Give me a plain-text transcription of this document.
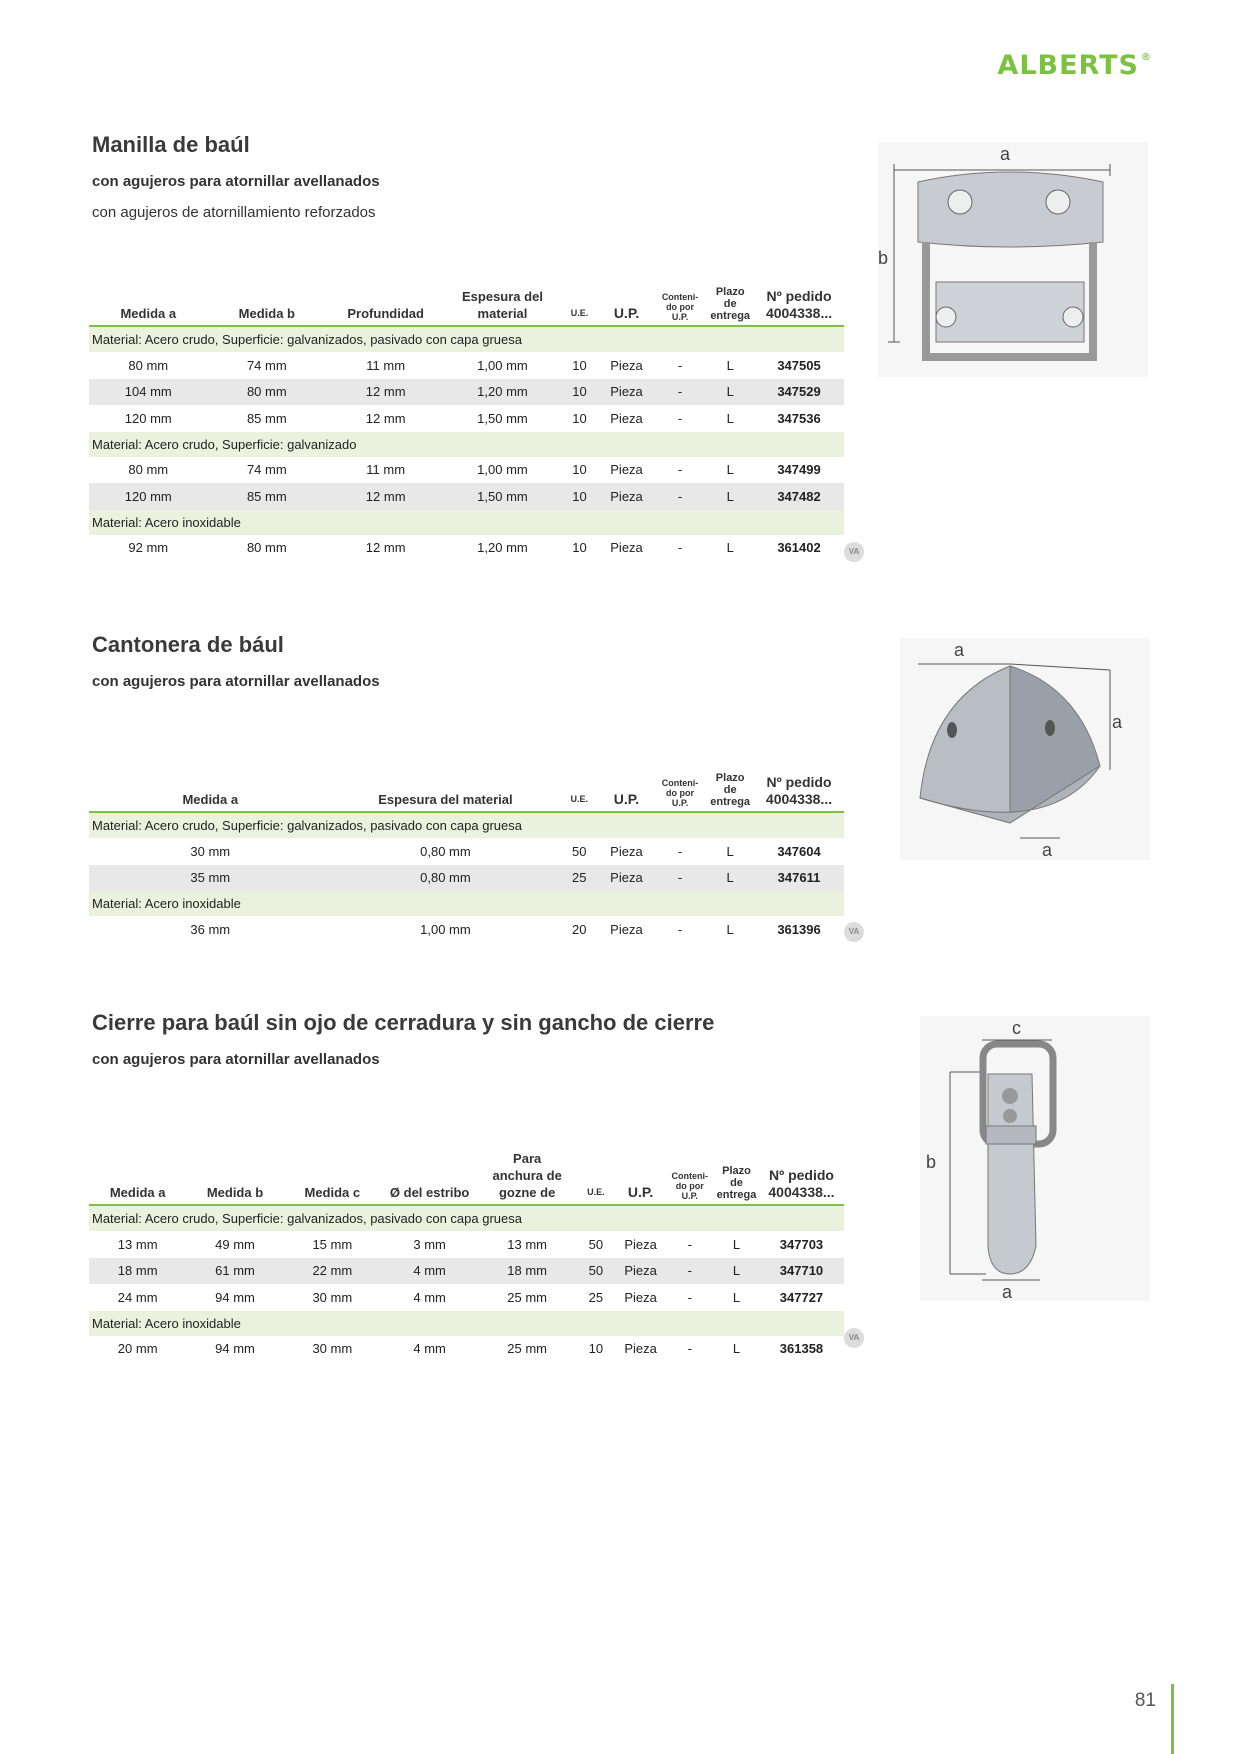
ALBERTS ®
Manilla de baúl

con agujeros para atornillar avellanados

con agujeros de atornillamiento reforzados

Medida a	Medida b	Profundidad	Espesura del material	U.E.	U.P.	Conteni-do por U.P.	Plazo de entrega	Nº pedido 4004338...
Material: Acero crudo, Superficie: galvanizados, pasivado con capa gruesa								
80 mm	74 mm	11 mm	1,00 mm	10	Pieza	-	L	347505
104 mm	80 mm	12 mm	1,20 mm	10	Pieza	-	L	347529
120 mm	85 mm	12 mm	1,50 mm	10	Pieza	-	L	347536
Material: Acero crudo, Superficie: galvanizado								
80 mm	74 mm	11 mm	1,00 mm	10	Pieza	-	L	347499
120 mm	85 mm	12 mm	1,50 mm	10	Pieza	-	L	347482
Material: Acero inoxidable								
92 mm	80 mm	12 mm	1,20 mm	10	Pieza	-	L	361402	VA
a
b
Cantonera de bául

con agujeros para atornillar avellanados

Medida a	Espesura del material	U.E.	U.P.	Conteni-do por U.P.	Plazo de entrega	Nº pedido 4004338...
Material: Acero crudo, Superficie: galvanizados, pasivado con capa gruesa						
30 mm	0,80 mm	50	Pieza	-	L	347604
35 mm	0,80 mm	25	Pieza	-	L	347611
Material: Acero inoxidable						
36 mm	1,00 mm	20	Pieza	-	L	361396	VA
a
a
a
Cierre para baúl sin ojo de cerradura y sin gancho de cierre

con agujeros para atornillar avellanados

Medida a	Medida b	Medida c	Ø del estribo	Para anchura de gozne de	U.E.	U.P.	Conteni-do por U.P.	Plazo de entrega	Nº pedido 4004338...
Material: Acero crudo, Superficie: galvanizados, pasivado con capa gruesa									
13 mm	49 mm	15 mm	3 mm	13 mm	50	Pieza	-	L	347703
18 mm	61 mm	22 mm	4 mm	18 mm	50	Pieza	-	L	347710
24 mm	94 mm	30 mm	4 mm	25 mm	25	Pieza	-	L	347727
Material: Acero inoxidable									
20 mm	94 mm	30 mm	4 mm	25 mm	10	Pieza	-	L	361358
VA
c
b
a
81
